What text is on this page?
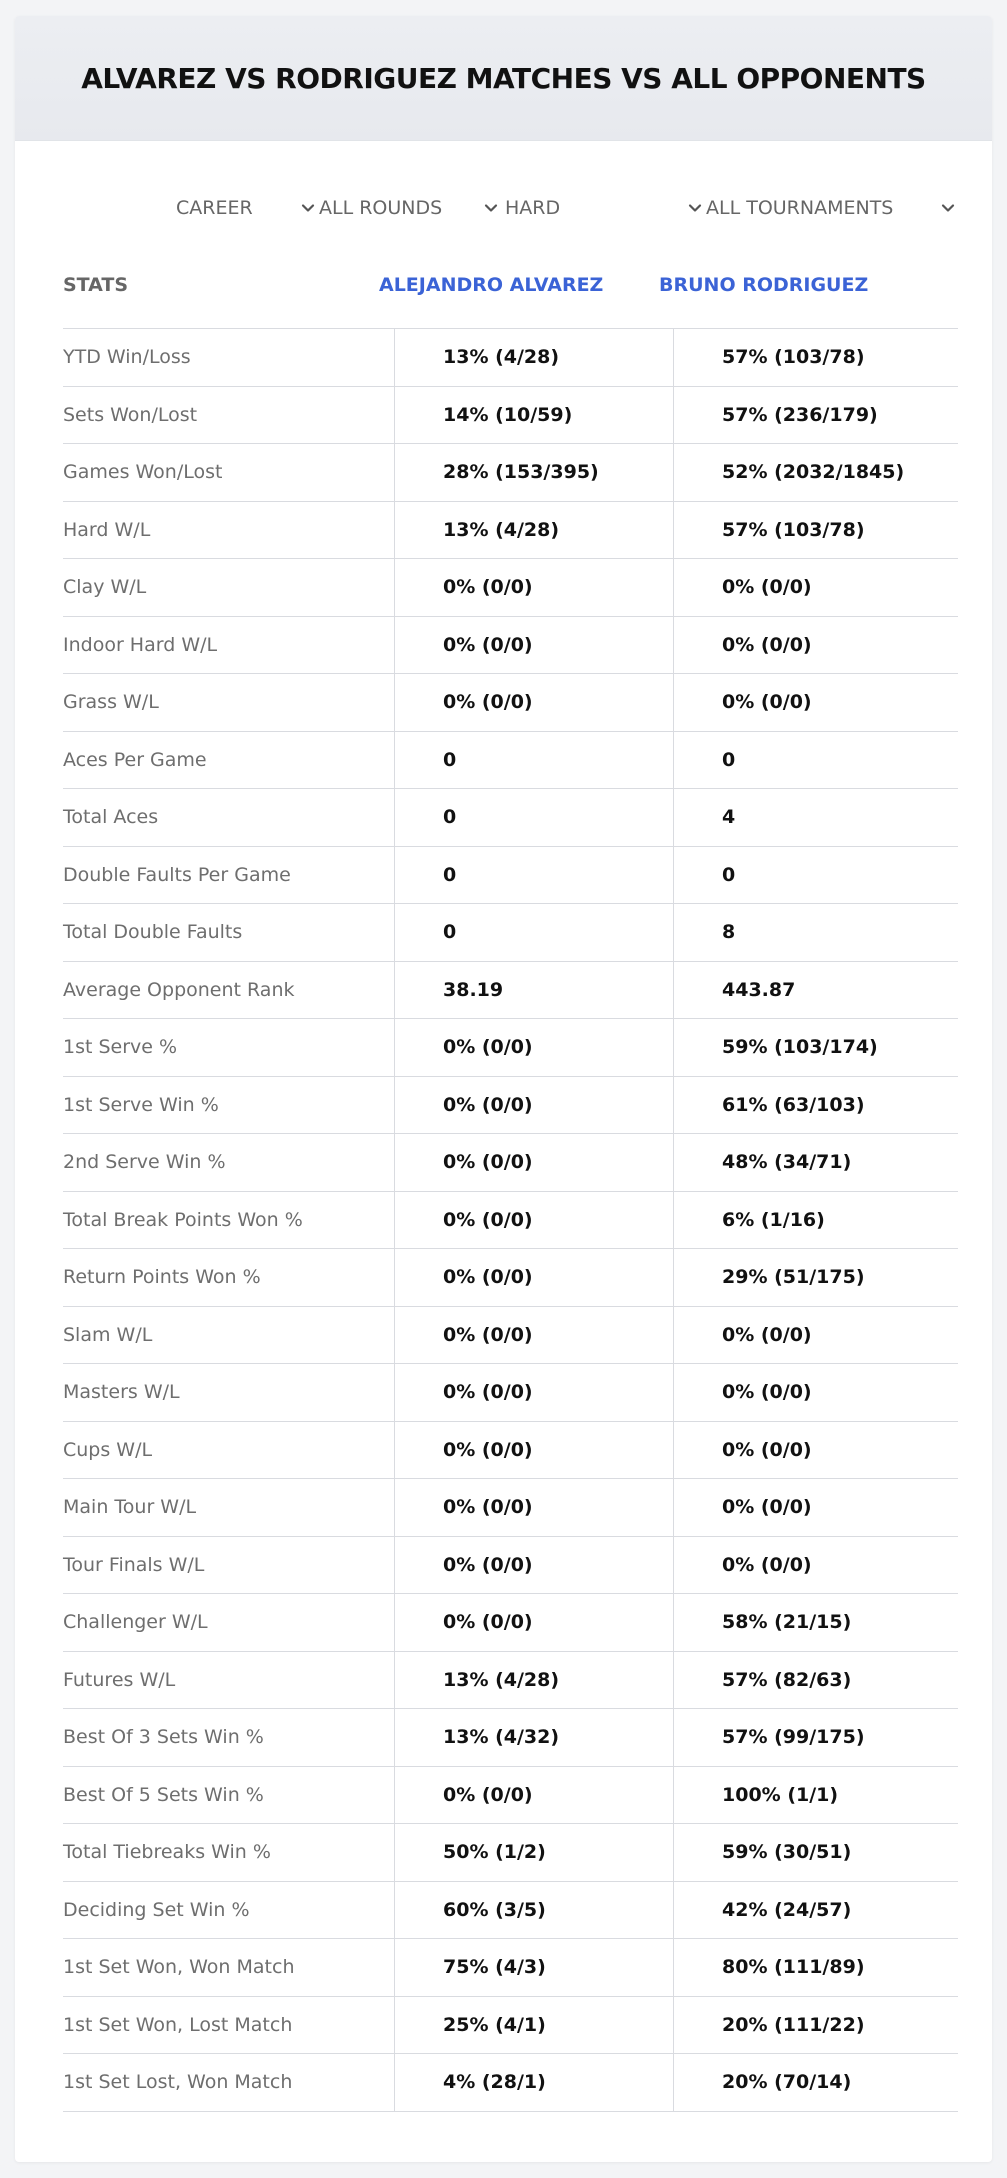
ALVAREZ VS RODRIGUEZ MATCHES VS ALL OPPONENTS
CAREER	ALL ROUNDS	HARD	ALL TOURNAMENTS
STATS	ALEJANDRO ALVAREZ	BRUNO RODRIGUEZ
YTD Win/Loss	13% (4/28)	57% (103/78)
Sets Won/Lost	14% (10/59)	57% (236/179)
Games Won/Lost	28% (153/395)	52% (2032/1845)
Hard W/L	13% (4/28)	57% (103/78)
Clay W/L	0% (0/0)	0% (0/0)
Indoor Hard W/L	0% (0/0)	0% (0/0)
Grass W/L	0% (0/0)	0% (0/0)
Aces Per Game	0	0
Total Aces	0	4
Double Faults Per Game	0	0
Total Double Faults	0	8
Average Opponent Rank	38.19	443.87
1st Serve %	0% (0/0)	59% (103/174)
1st Serve Win %	0% (0/0)	61% (63/103)
2nd Serve Win %	0% (0/0)	48% (34/71)
Total Break Points Won %	0% (0/0)	6% (1/16)
Return Points Won %	0% (0/0)	29% (51/175)
Slam W/L	0% (0/0)	0% (0/0)
Masters W/L	0% (0/0)	0% (0/0)
Cups W/L	0% (0/0)	0% (0/0)
Main Tour W/L	0% (0/0)	0% (0/0)
Tour Finals W/L	0% (0/0)	0% (0/0)
Challenger W/L	0% (0/0)	58% (21/15)
Futures W/L	13% (4/28)	57% (82/63)
Best Of 3 Sets Win %	13% (4/32)	57% (99/175)
Best Of 5 Sets Win %	0% (0/0)	100% (1/1)
Total Tiebreaks Win %	50% (1/2)	59% (30/51)
Deciding Set Win %	60% (3/5)	42% (24/57)
1st Set Won, Won Match	75% (4/3)	80% (111/89)
1st Set Won, Lost Match	25% (4/1)	20% (111/22)
1st Set Lost, Won Match	4% (28/1)	20% (70/14)
